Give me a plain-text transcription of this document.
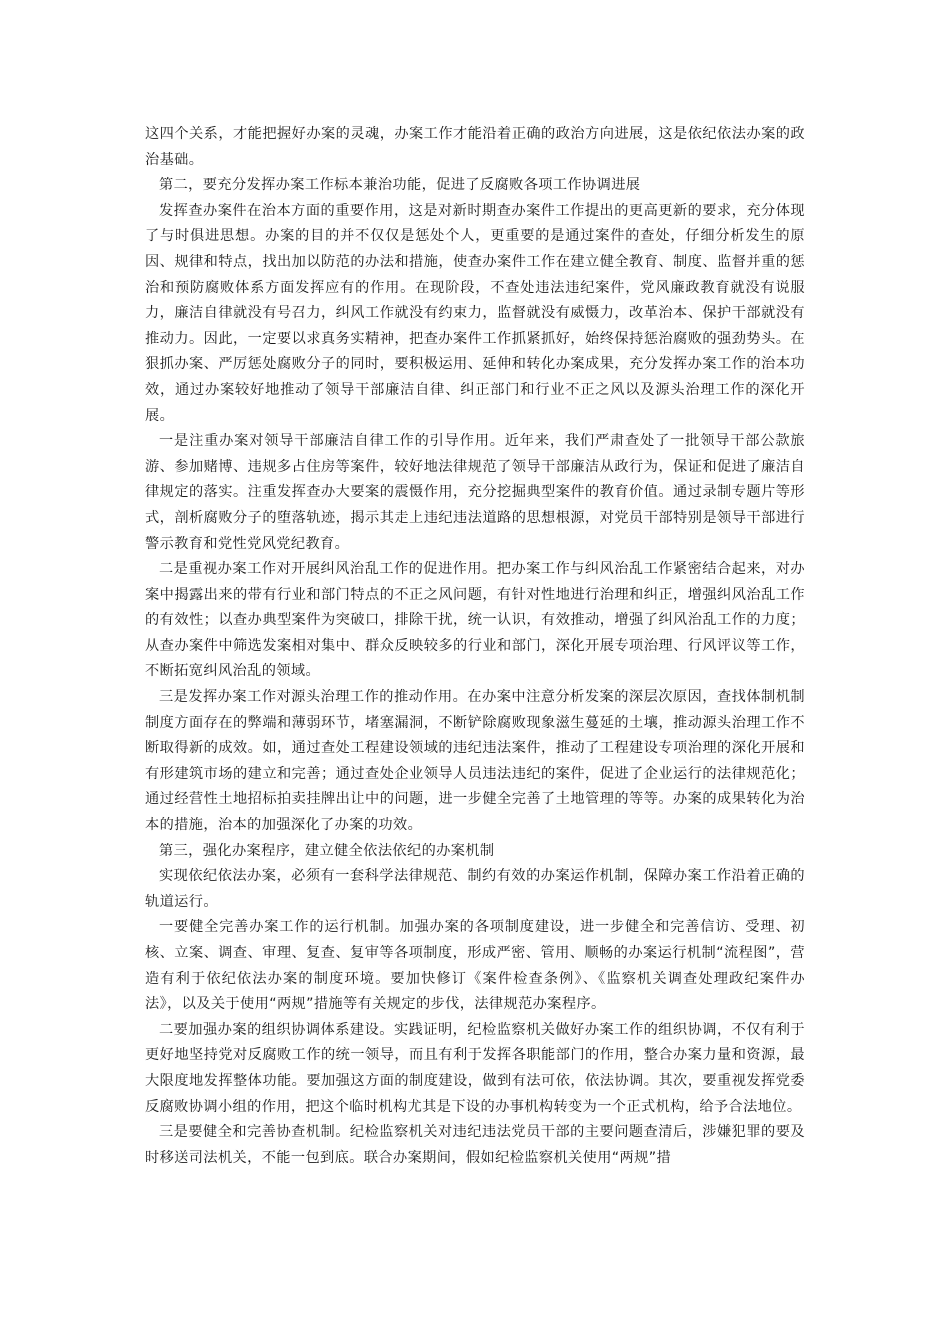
这四个关系，才能把握好办案的灵魂，办案工作才能沿着正确的政治方向进展，这是依纪依法办案的政治基础。

第二，要充分发挥办案工作标本兼治功能，促进了反腐败各项工作协调进展

发挥查办案件在治本方面的重要作用，这是对新时期查办案件工作提出的更高更新的要求，充分体现了与时俱进思想。办案的目的并不仅仅是惩处个人，更重要的是通过案件的查处，仔细分析发生的原因、规律和特点，找出加以防范的办法和措施，使查办案件工作在建立健全教育、制度、监督并重的惩治和预防腐败体系方面发挥应有的作用。在现阶段，不查处违法违纪案件，党风廉政教育就没有说服力，廉洁自律就没有号召力，纠风工作就没有约束力，监督就没有威慑力，改革治本、保护干部就没有推动力。因此，一定要以求真务实精神，把查办案件工作抓紧抓好，始终保持惩治腐败的强劲势头。在狠抓办案、严厉惩处腐败分子的同时，要积极运用、延伸和转化办案成果，充分发挥办案工作的治本功效，通过办案较好地推动了领导干部廉洁自律、纠正部门和行业不正之风以及源头治理工作的深化开展。

一是注重办案对领导干部廉洁自律工作的引导作用。近年来，我们严肃查处了一批领导干部公款旅游、参加赌博、违规多占住房等案件，较好地法律规范了领导干部廉洁从政行为，保证和促进了廉洁自律规定的落实。注重发挥查办大要案的震慑作用，充分挖掘典型案件的教育价值。通过录制专题片等形式，剖析腐败分子的堕落轨迹，揭示其走上违纪违法道路的思想根源，对党员干部特别是领导干部进行警示教育和党性党风党纪教育。

二是重视办案工作对开展纠风治乱工作的促进作用。把办案工作与纠风治乱工作紧密结合起来，对办案中揭露出来的带有行业和部门特点的不正之风问题，有针对性地进行治理和纠正，增强纠风治乱工作的有效性；以查办典型案件为突破口，排除干扰，统一认识，有效推动，增强了纠风治乱工作的力度；从查办案件中筛选发案相对集中、群众反映较多的行业和部门，深化开展专项治理、行风评议等工作，不断拓宽纠风治乱的领域。

三是发挥办案工作对源头治理工作的推动作用。在办案中注意分析发案的深层次原因，查找体制机制制度方面存在的弊端和薄弱环节，堵塞漏洞，不断铲除腐败现象滋生蔓延的土壤，推动源头治理工作不断取得新的成效。如，通过查处工程建设领域的违纪违法案件，推动了工程建设专项治理的深化开展和有形建筑市场的建立和完善；通过查处企业领导人员违法违纪的案件，促进了企业运行的法律规范化；通过经营性土地招标拍卖挂牌出让中的问题，进一步健全完善了土地管理的等等。办案的成果转化为治本的措施，治本的加强深化了办案的功效。

第三，强化办案程序，建立健全依法依纪的办案机制

实现依纪依法办案，必须有一套科学法律规范、制约有效的办案运作机制，保障办案工作沿着正确的轨道运行。

一要健全完善办案工作的运行机制。加强办案的各项制度建设，进一步健全和完善信访、受理、初核、立案、调查、审理、复查、复审等各项制度，形成严密、管用、顺畅的办案运行机制“流程图”，营造有利于依纪依法办案的制度环境。要加快修订《案件检查条例》、《监察机关调查处理政纪案件办法》，以及关于使用“两规”措施等有关规定的步伐，法律规范办案程序。

二要加强办案的组织协调体系建设。实践证明，纪检监察机关做好办案工作的组织协调，不仅有利于更好地坚持党对反腐败工作的统一领导，而且有利于发挥各职能部门的作用，整合办案力量和资源，最大限度地发挥整体功能。要加强这方面的制度建设，做到有法可依，依法协调。其次，要重视发挥党委反腐败协调小组的作用，把这个临时机构尤其是下设的办事机构转变为一个正式机构，给予合法地位。

三是要健全和完善协查机制。纪检监察机关对违纪违法党员干部的主要问题查清后，涉嫌犯罪的要及时移送司法机关，不能一包到底。联合办案期间，假如纪检监察机关使用“两规”措
